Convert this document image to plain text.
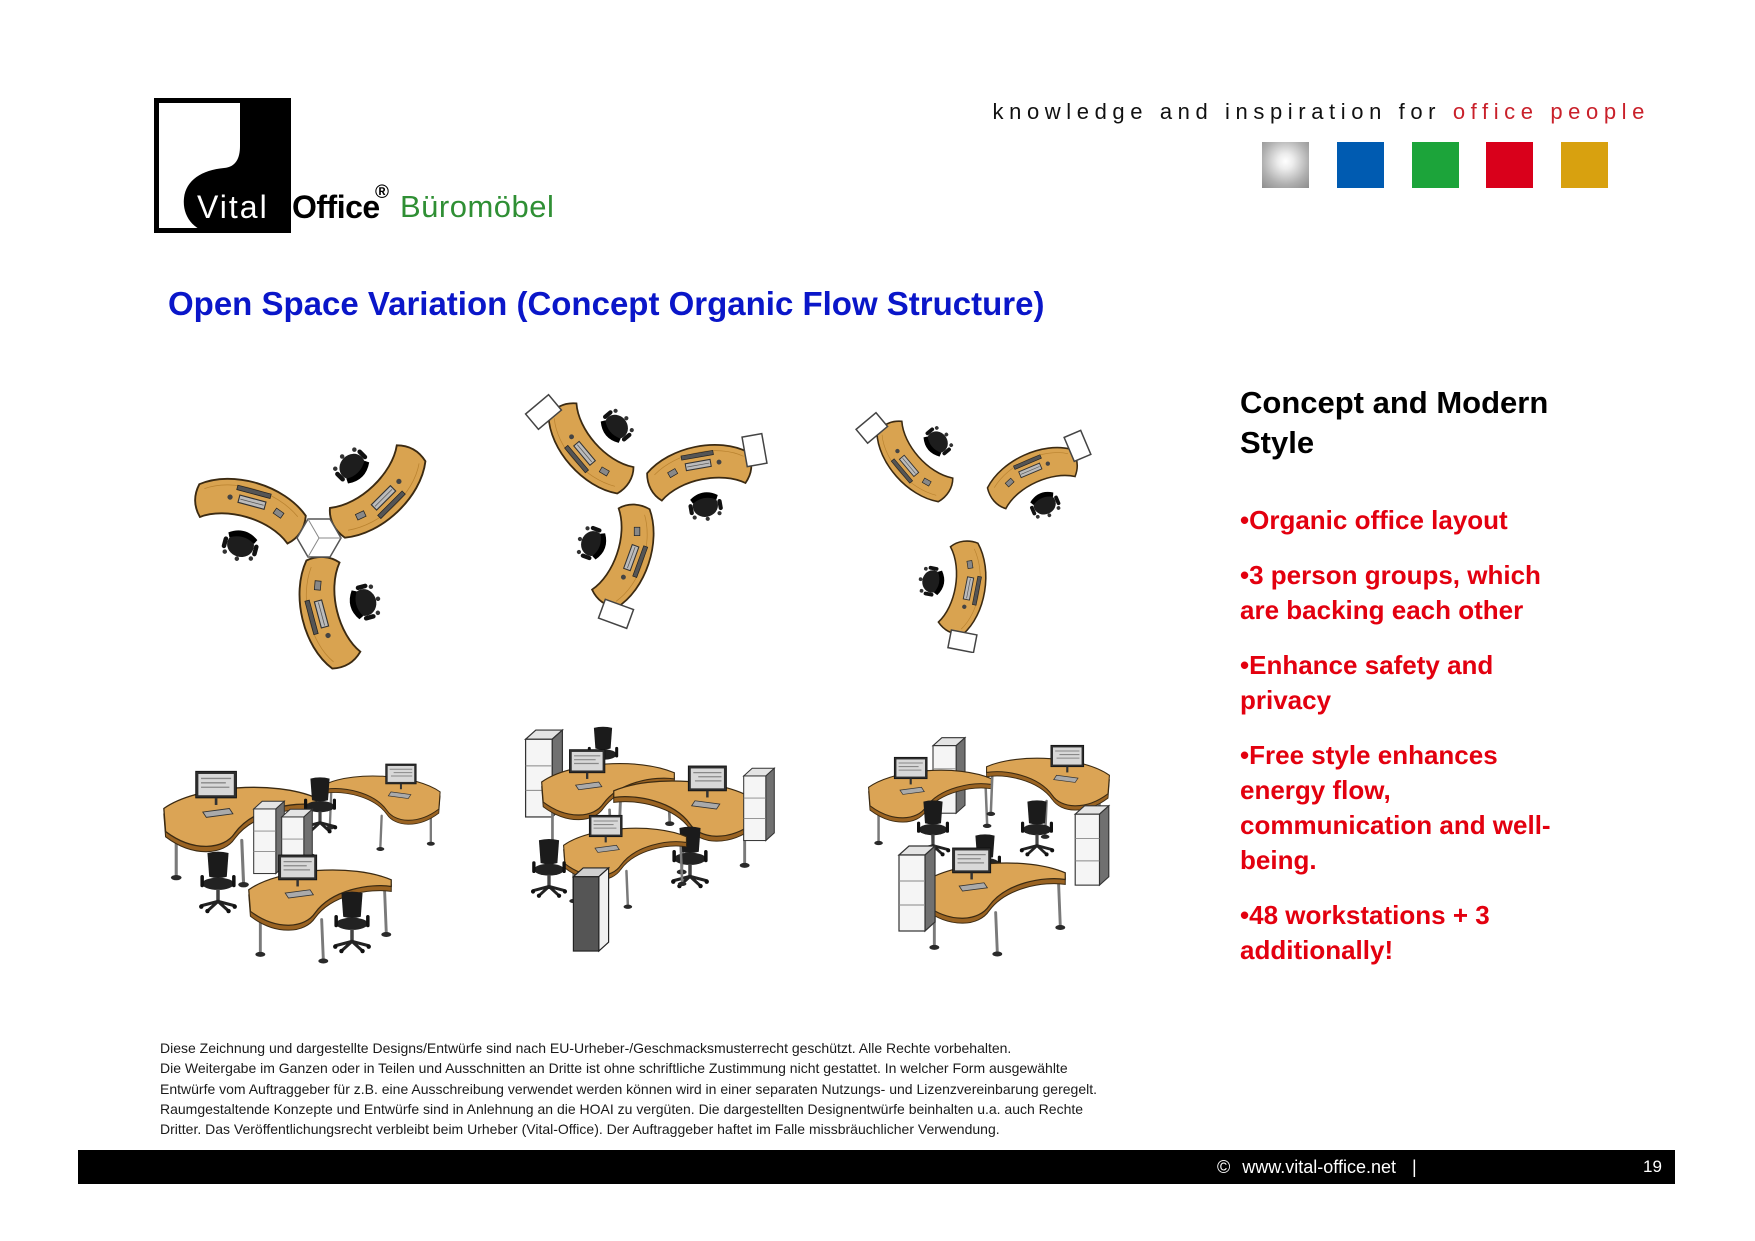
Vital Office
® Büromöbel
knowledge and inspiration for office people
Open Space Variation (Concept Organic Flow Structure)
Concept and Modern
Style
•Organic office layout
•3 person groups, which
are backing each other
•Enhance safety and
privacy
•Free style enhances
energy flow,
communication and well-
being.
•48 workstations + 3
additionally!
Diese Zeichnung und dargestellte Designs/Entwürfe sind nach EU-Urheber-/Geschmacksmusterrecht geschützt. Alle Rechte vorbehalten.
Die Weitergabe im Ganzen oder in Teilen und Ausschnitten an Dritte ist ohne schriftliche Zustimmung nicht gestattet. In welcher Form ausgewählte
Entwürfe vom Auftraggeber für z.B. eine Ausschreibung verwendet werden können wird in einer separaten Nutzungs- und Lizenzvereinbarung geregelt.
Raumgestaltende Konzepte und Entwürfe sind in Anlehnung an die HOAI zu vergüten. Die dargestellten Designentwürfe beinhalten u.a. auch Rechte
Dritter. Das Veröffentlichungsrecht verbleibt beim Urheber (Vital-Office). Der Auftraggeber haftet im Falle missbräuchlicher Verwendung.
© www.vital-office.net |	19
